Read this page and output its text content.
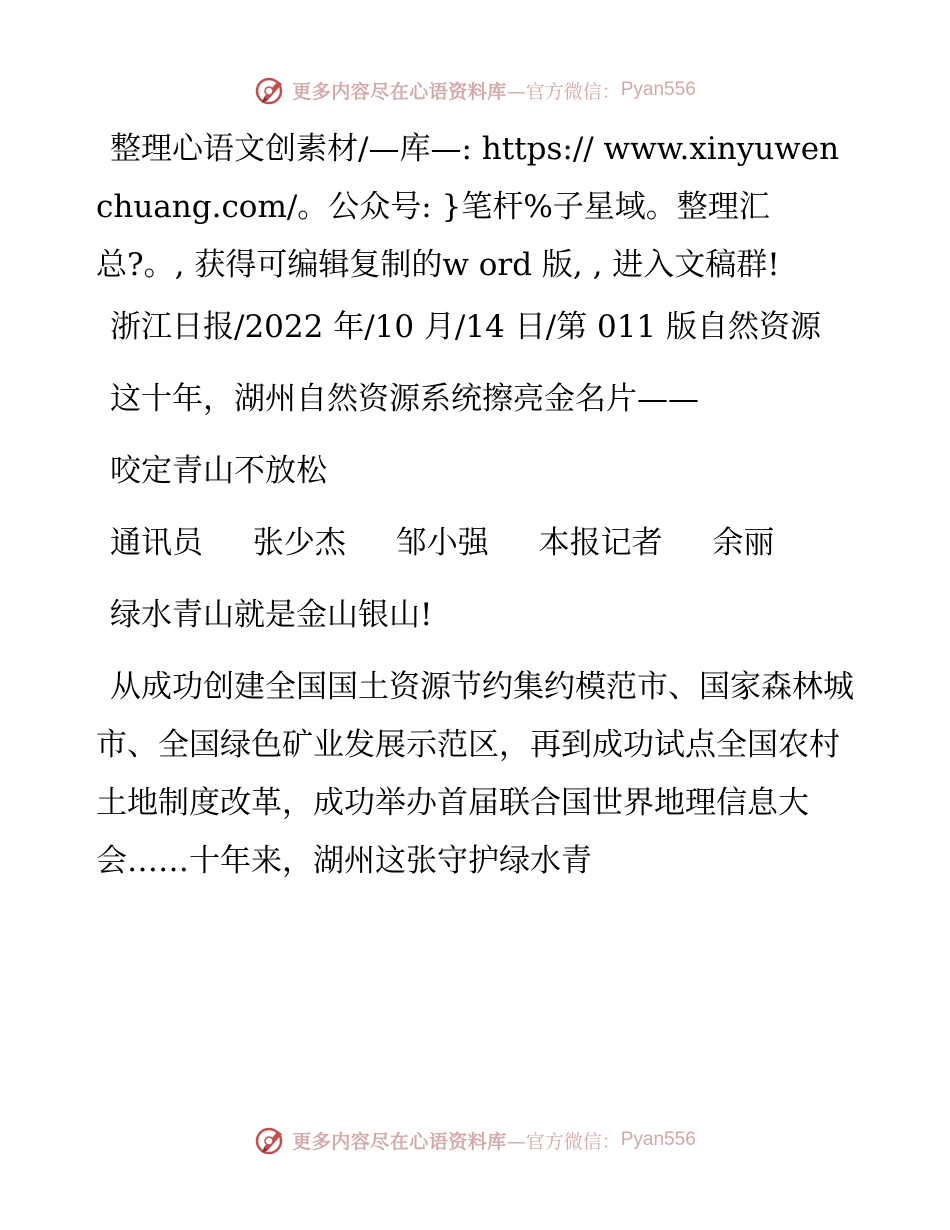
更多内容尽在心语资料库 —官方微信： Pyan556

整理心语文创素材/—库—: https:// www.xinyuwenchuang.com/。公众号: }笔杆%子星域。整理汇总?。, 获得可编辑复制的w ord 版, , 进入文稿群!

浙江日报/2022 年/10 月/14 日/第 011 版自然资源

这十年，湖州自然资源系统擦亮金名片——

咬定青山不放松

通讯员 张少杰 邹小强 本报记者 余丽

绿水青山就是金山银山!

从成功创建全国国土资源节约集约模范市、国家森林城市、全国绿色矿业发展示范区，再到成功试点全国农村土地制度改革，成功举办首届联合国世界地理信息大会……十年来，湖州这张守护绿水青

更多内容尽在心语资料库 —官方微信： Pyan556
